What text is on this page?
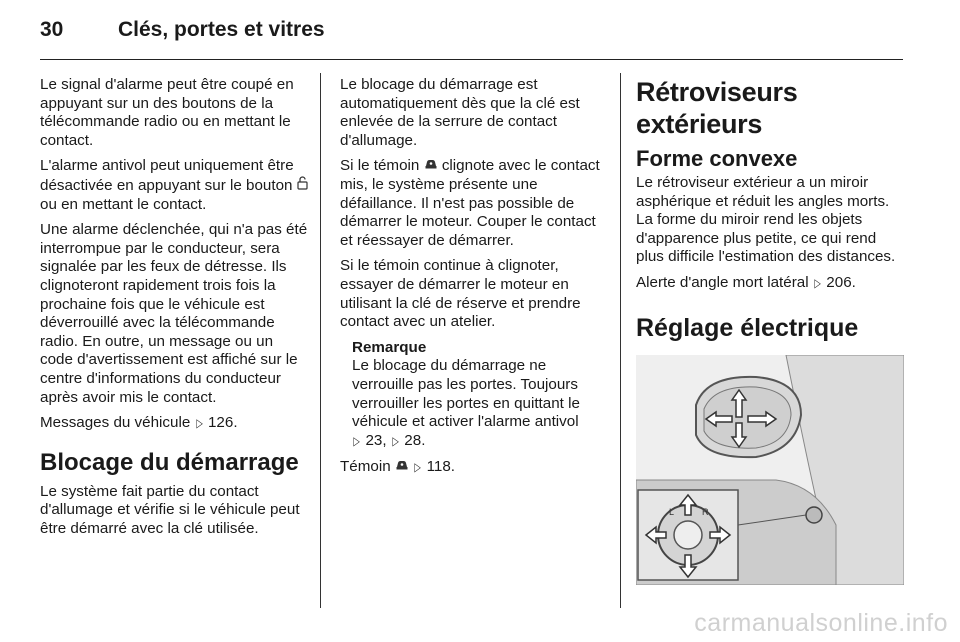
30	Clés, portes et vitres

Le signal d'alarme peut être coupé en appuyant sur un des boutons de la télécommande radio ou en mettant le contact.

L'alarme antivol peut uniquement être désactivée en appuyant sur le bouton  ou en mettant le contact.

Une alarme déclenchée, qui n'a pas été interrompue par le conducteur, sera signalée par les feux de détresse. Ils clignoteront rapidement trois fois la prochaine fois que le véhicule est déverrouillé avec la télécommande radio. En outre, un message ou un code d'avertissement est affiché sur le centre d'informations du conducteur après avoir mis le contact.

Messages du véhicule ▷ 126.

Blocage du démarrage

Le système fait partie du contact d'allumage et vérifie si le véhicule peut être démarré avec la clé utilisée.

Le blocage du démarrage est automatiquement dès que la clé est enlevée de la serrure de contact d'allumage.

Si le témoin clignote avec le contact mis, le système présente une défaillance. Il n'est pas possible de démarrer le moteur. Couper le contact et réessayer de démarrer.

Si le témoin continue à clignoter, essayer de démarrer le moteur en utilisant la clé de réserve et prendre contact avec un atelier.

Remarque
Le blocage du démarrage ne verrouille pas les portes. Toujours verrouiller les portes en quittant le véhicule et activer l'alarme antivol
▷ 23, ▷ 28.

Témoin ▷ 118.

Rétroviseurs extérieurs
Forme convexe

Le rétroviseur extérieur a un miroir asphérique et réduit les angles morts. La forme du miroir rend les objets d'apparence plus petite, ce qui rend plus difficile l'estimation des distances.

Alerte d'angle mort latéral ▷ 206.

Réglage électrique
L	R
carmanualsonline.info
